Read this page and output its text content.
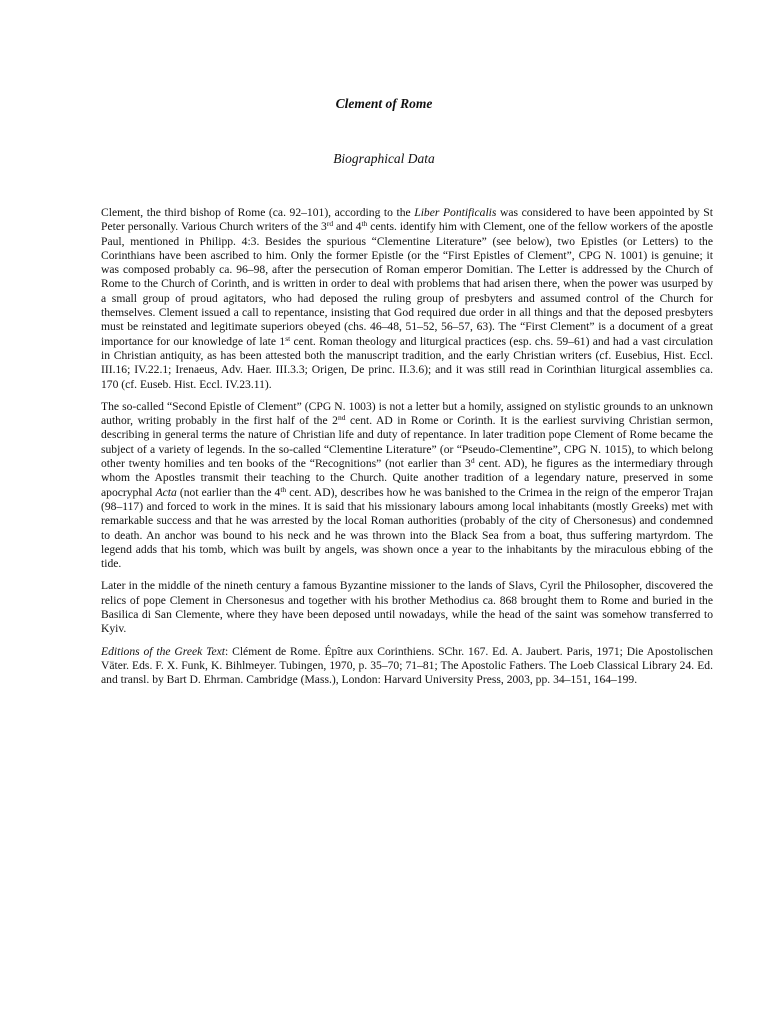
Clement of Rome
Biographical Data

Clement, the third bishop of Rome (ca. 92–101), according to the Liber Pontificalis was considered to have been appointed by St Peter personally. Various Church writers of the 3rd and 4th cents. identify him with Clement, one of the fellow workers of the apostle Paul, mentioned in Philipp. 4:3. Besides the spurious “Clementine Literature” (see below), two Epistles (or Letters) to the Corinthians have been ascribed to him. Only the former Epistle (or the “First Epistles of Clement”, CPG N. 1001) is genuine; it was composed probably ca. 96–98, after the persecution of Roman emperor Domitian. The Letter is addressed by the Church of Rome to the Church of Corinth, and is written in order to deal with problems that had arisen there, when the power was usurped by a small group of proud agitators, who had deposed the ruling group of presbyters and assumed control of the Church for themselves. Clement issued a call to repentance, insisting that God required due order in all things and that the deposed presbyters must be reinstated and legitimate superiors obeyed (chs. 46–48, 51–52, 56–57, 63). The “First Clement” is a document of a great importance for our knowledge of late 1st cent. Roman theology and liturgical practices (esp. chs. 59–61) and had a vast circulation in Christian antiquity, as has been attested both the manuscript tradition, and the early Christian writers (cf. Eusebius, Hist. Eccl. III.16; IV.22.1; Irenaeus, Adv. Haer. III.3.3; Origen, De princ. II.3.6); and it was still read in Corinthian liturgical assemblies ca. 170 (cf. Euseb. Hist. Eccl. IV.23.11).

The so-called “Second Epistle of Clement” (CPG N. 1003) is not a letter but a homily, assigned on stylistic grounds to an unknown author, writing probably in the first half of the 2nd cent. AD in Rome or Corinth. It is the earliest surviving Christian sermon, describing in general terms the nature of Christian life and duty of repentance. In later tradition pope Clement of Rome became the subject of a variety of legends. In the so-called “Clementine Literature” (or “Pseudo-Clementine”, CPG N. 1015), to which belong other twenty homilies and ten books of the “Recognitions” (not earlier than 3$^d$ cent. AD), he figures as the intermediary through whom the Apostles transmit their teaching to the Church. Quite another tradition of a legendary nature, preserved in some apocryphal Acta (not earlier than the 4th cent. AD), describes how he was banished to the Crimea in the reign of the emperor Trajan (98–117) and forced to work in the mines. It is said that his missionary labours among local inhabitants (mostly Greeks) met with remarkable success and that he was arrested by the local Roman authorities (probably of the city of Chersonesus) and condemned to death. An anchor was bound to his neck and he was thrown into the Black Sea from a boat, thus suffering martyrdom. The legend adds that his tomb, which was built by angels, was shown once a year to the inhabitants by the miraculous ebbing of the tide.

Later in the middle of the nineth century a famous Byzantine missioner to the lands of Slavs, Cyril the Philosopher, discovered the relics of pope Clement in Chersonesus and together with his brother Methodius ca. 868 brought them to Rome and buried in the Basilica di San Clemente, where they have been deposed until nowadays, while the head of the saint was somehow transferred to Kyiv.

Editions of the Greek Text: Clément de Rome. Épître aux Corinthiens. SChr. 167. Ed. A. Jaubert. Paris, 1971; Die Apostolischen Väter. Eds. F. X. Funk, K. Bihlmeyer. Tubingen, 1970, p. 35–70; 71–81; The Apostolic Fathers. The Loeb Classical Library 24. Ed. and transl. by Bart D. Ehrman. Cambridge (Mass.), London: Harvard University Press, 2003, pp. 34–151, 164–199.
